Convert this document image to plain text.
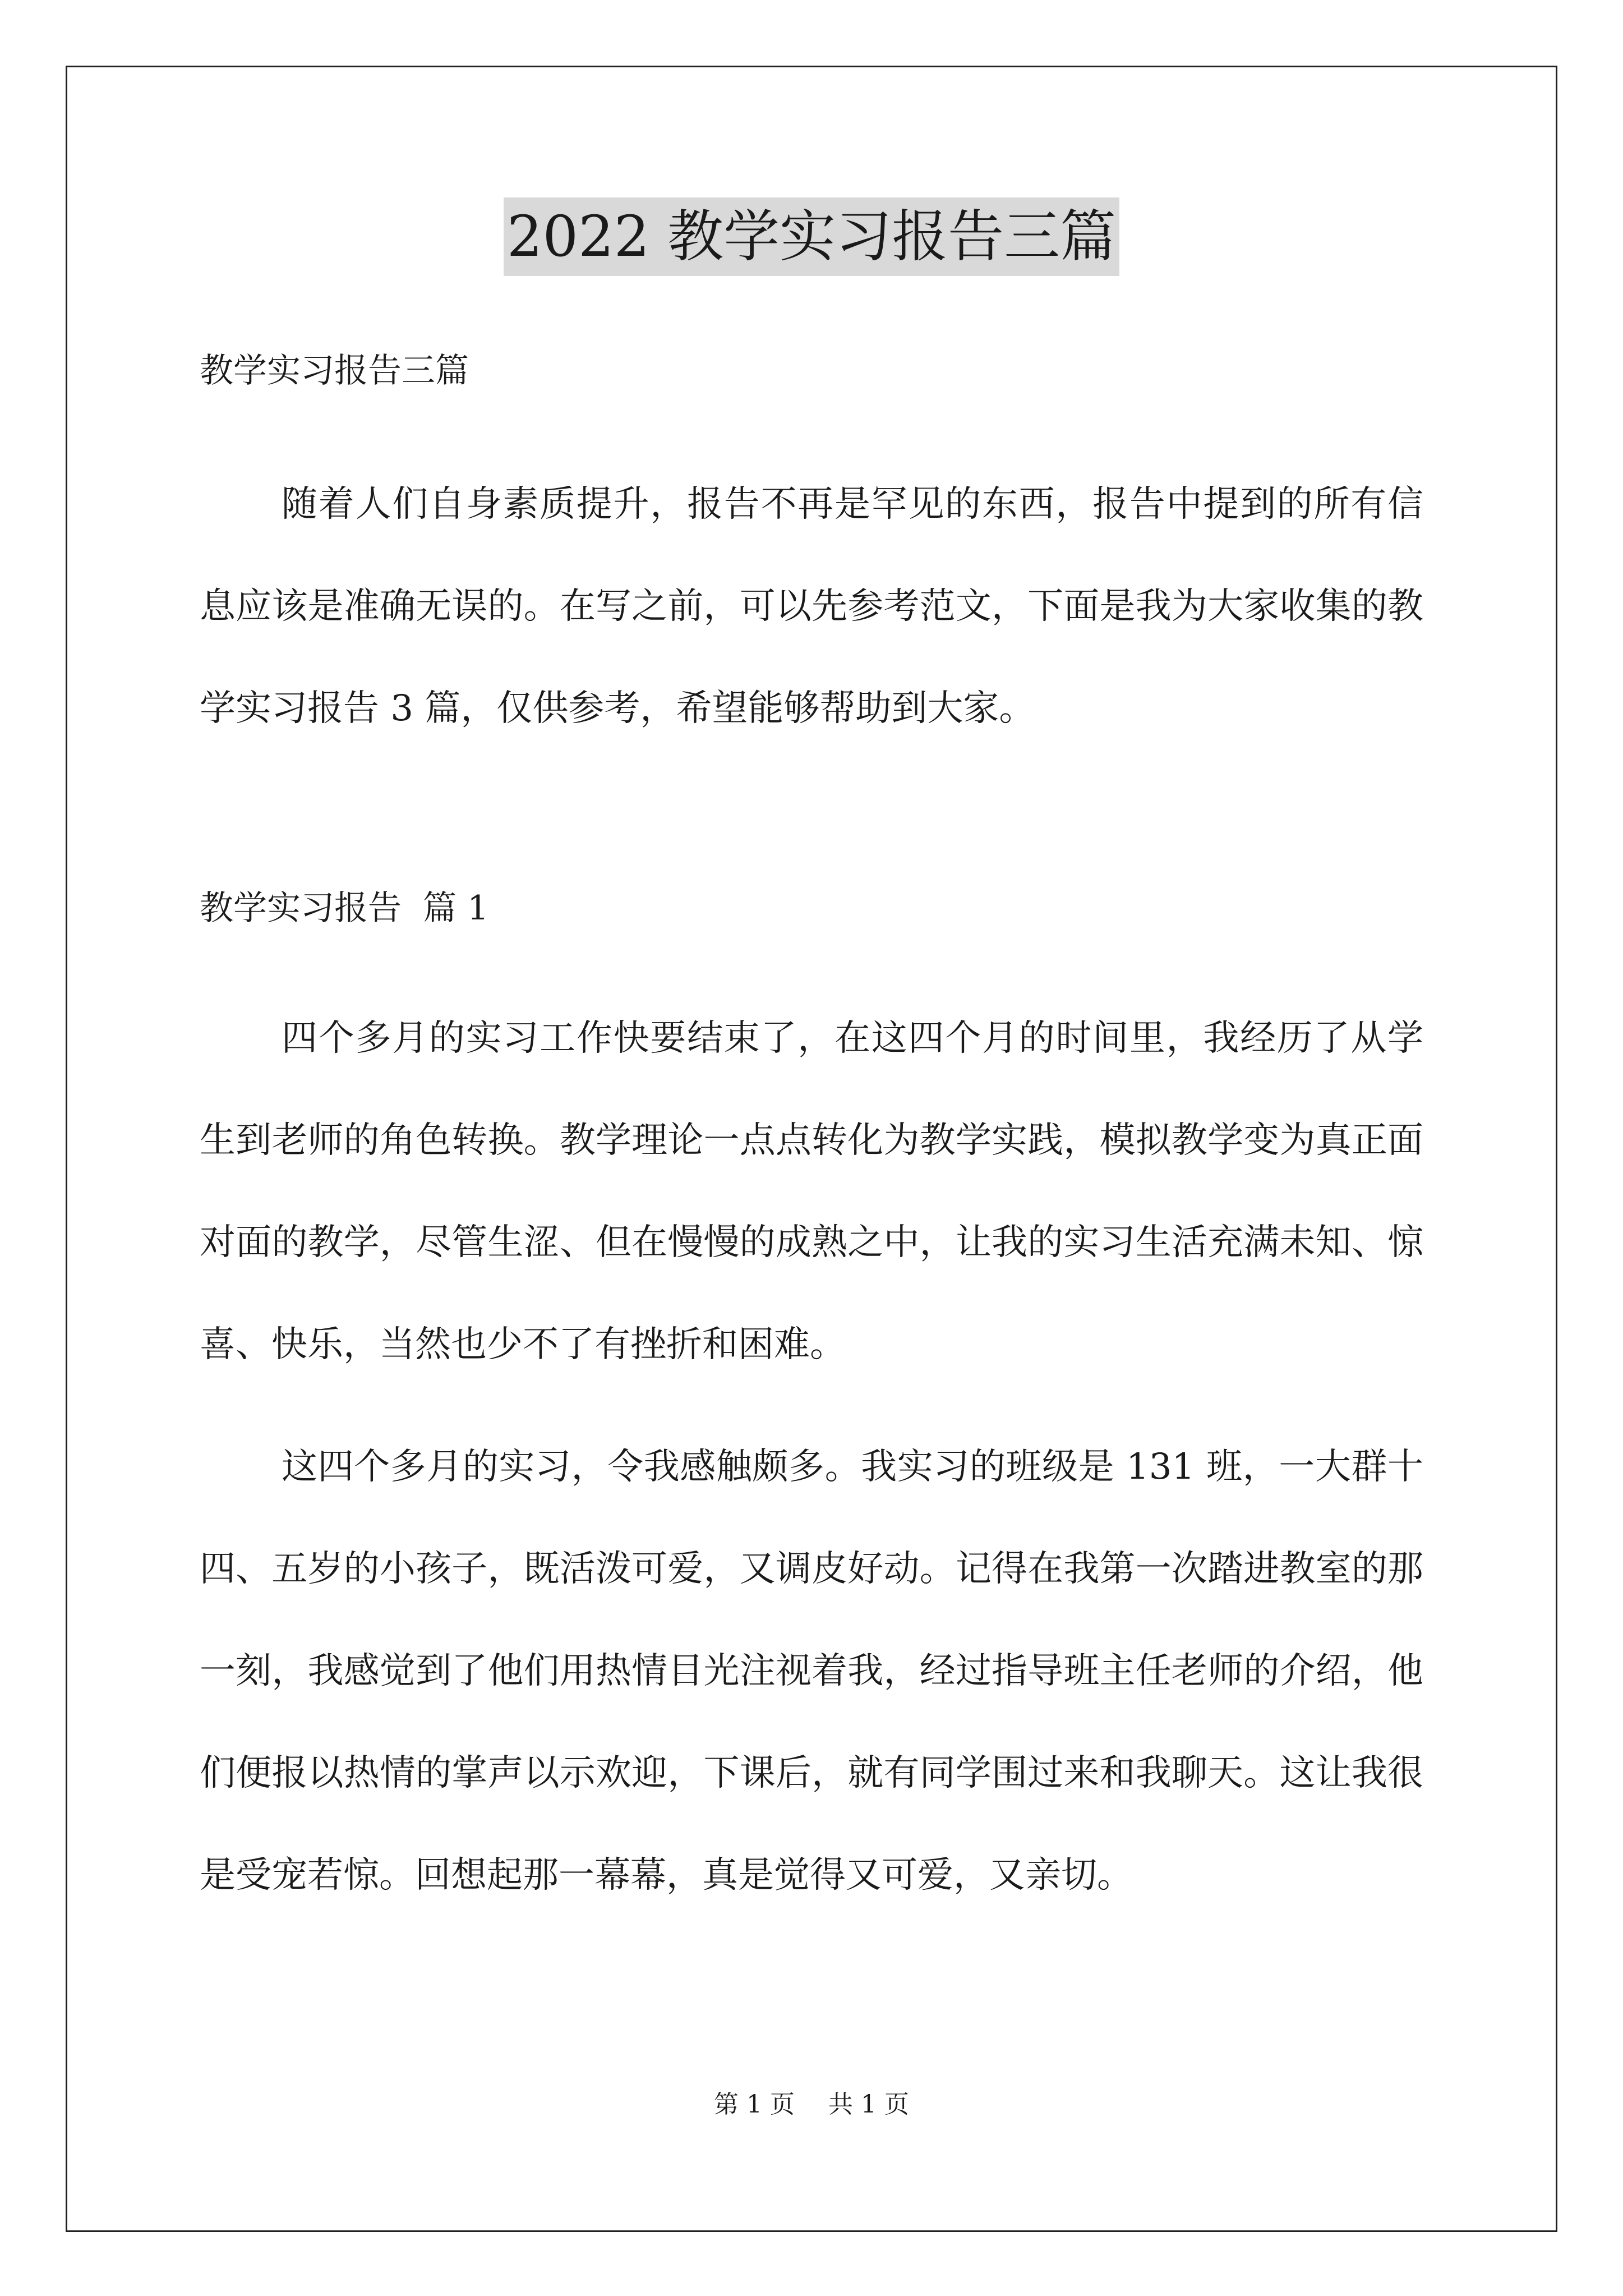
2022 教学实习报告三篇

教学实习报告三篇

随着人们自身素质提升，报告不再是罕见的东西，报告中提到的所有信息应该是准确无误的。在写之前，可以先参考范文，下面是我为大家收集的教学实习报告 3 篇，仅供参考，希望能够帮助到大家。

教学实习报告  篇 1

四个多月的实习工作快要结束了，在这四个月的时间里，我经历了从学生到老师的角色转换。教学理论一点点转化为教学实践，模拟教学变为真正面对面的教学，尽管生涩、但在慢慢的成熟之中，让我的实习生活充满未知、惊喜、快乐，当然也少不了有挫折和困难。

这四个多月的实习，令我感触颇多。我实习的班级是 131 班，一大群十四、五岁的小孩子，既活泼可爱，又调皮好动。记得在我第一次踏进教室的那一刻，我感觉到了他们用热情目光注视着我，经过指导班主任老师的介绍，他们便报以热情的掌声以示欢迎，下课后，就有同学围过来和我聊天。这让我很是受宠若惊。回想起那一幕幕，真是觉得又可爱，又亲切。

第 1 页 共 1 页
